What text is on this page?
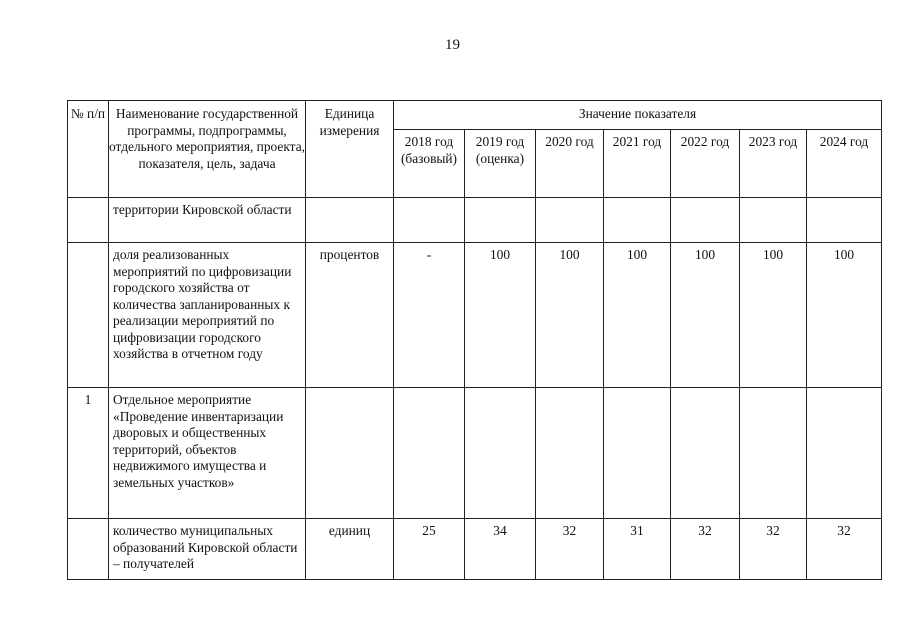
19
№ п/п	Наименование государственной программы, подпрограммы, отдельного мероприятия, проекта, показателя, цель, задача	Единица измерения	Значение показателя						
			2018 год (базовый)	2019 год (оценка)	2020 год	2021 год	2022 год	2023 год	2024 год
	территории Кировской области								
	доля реализованных мероприятий по цифровизации городского хозяйства от количества запланированных к реализации мероприятий по цифровизации городского хозяйства в отчетном году	процентов	-	100	100	100	100	100	100
1	Отдельное мероприятие «Проведение инвентаризации дворовых и общественных территорий, объектов недвижимого имущества и земельных участков»								
	количество муниципальных образований Кировской области – получателей	единиц	25	34	32	31	32	32	32
